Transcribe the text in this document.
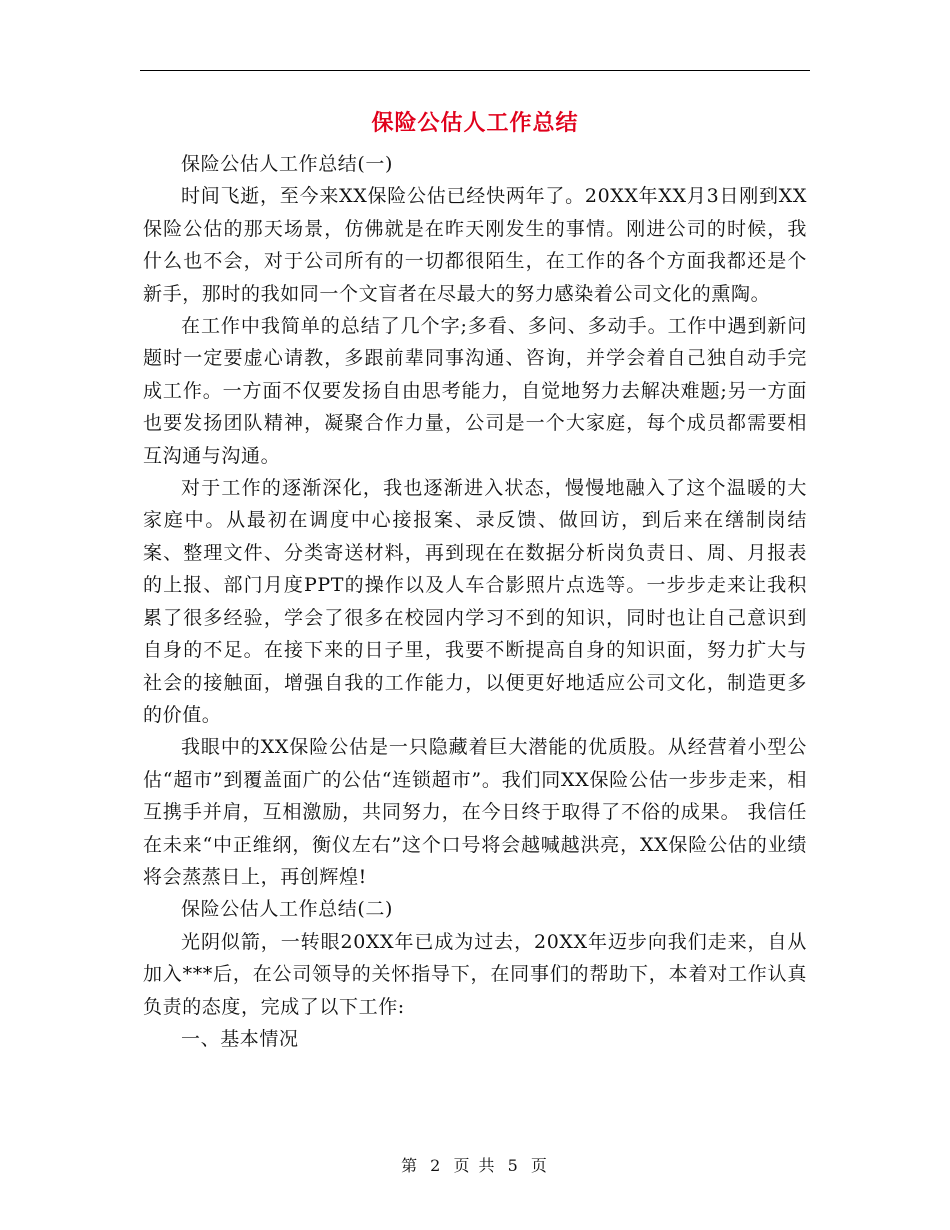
保险公估人工作总结

保险公估人工作总结(一)

时间飞逝，至今来XX保险公估已经快两年了。20XX年XX月3日刚到XX保险公估的那天场景，仿佛就是在昨天刚发生的事情。刚进公司的时候，我什么也不会，对于公司所有的一切都很陌生，在工作的各个方面我都还是个新手，那时的我如同一个文盲者在尽最大的努力感染着公司文化的熏陶。

在工作中我简单的总结了几个字;多看、多问、多动手。工作中遇到新问题时一定要虚心请教，多跟前辈同事沟通、咨询，并学会着自己独自动手完成工作。一方面不仅要发扬自由思考能力，自觉地努力去解决难题;另一方面也要发扬团队精神，凝聚合作力量，公司是一个大家庭，每个成员都需要相互沟通与沟通。

对于工作的逐渐深化，我也逐渐进入状态，慢慢地融入了这个温暖的大家庭中。从最初在调度中心接报案、录反馈、做回访，到后来在缮制岗结案、整理文件、分类寄送材料，再到现在在数据分析岗负责日、周、月报表的上报、部门月度PPT的操作以及人车合影照片点选等。一步步走来让我积累了很多经验，学会了很多在校园内学习不到的知识，同时也让自己意识到自身的不足。在接下来的日子里，我要不断提高自身的知识面，努力扩大与社会的接触面，增强自我的工作能力，以便更好地适应公司文化，制造更多的价值。

我眼中的XX保险公估是一只隐藏着巨大潜能的优质股。从经营着小型公估“超市”到覆盖面广的公估“连锁超市”。我们同XX保险公估一步步走来，相互携手并肩，互相激励，共同努力，在今日终于取得了不俗的成果。 我信任在未来“中正维纲，衡仪左右”这个口号将会越喊越洪亮，XX保险公估的业绩将会蒸蒸日上，再创辉煌!

保险公估人工作总结(二)

光阴似箭，一转眼20XX年已成为过去，20XX年迈步向我们走来，自从加入***后，在公司领导的关怀指导下，在同事们的帮助下，本着对工作认真负责的态度，完成了以下工作:

一、基本情况

第 2 页 共 5 页
